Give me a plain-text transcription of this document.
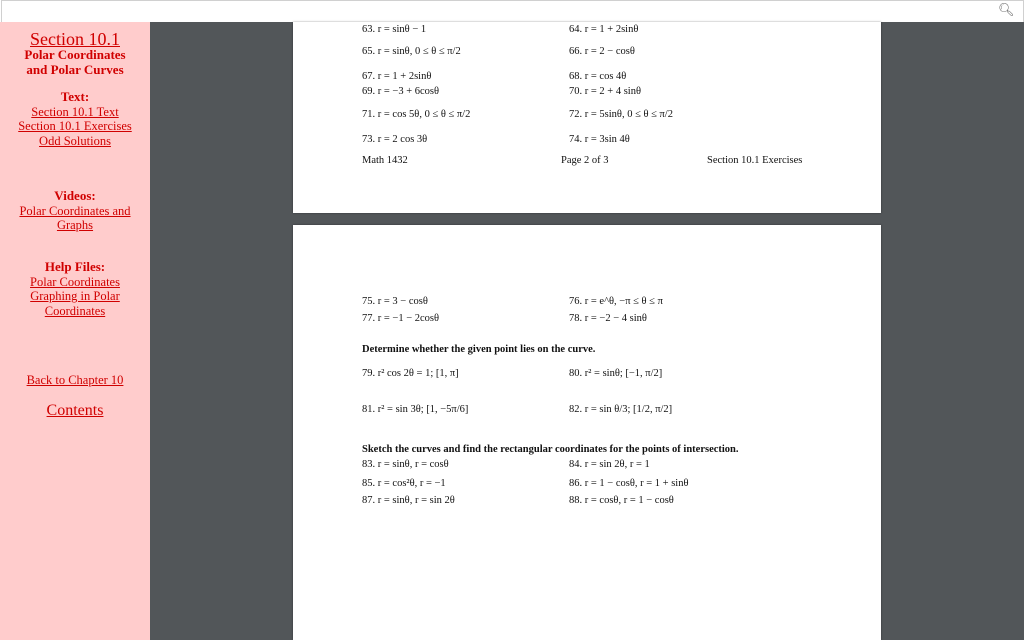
🔍︎
Section 10.1
Polar Coordinates
and Polar Curves
Text:
Section 10.1 Text
Section 10.1 Exercises
Odd Solutions
Videos:
Polar Coordinates and
Graphs
Help Files:
Polar Coordinates
Graphing in Polar
Coordinates
Back to Chapter 10
Contents
63. r = sinθ − 1	64. r = 1 + 2sinθ
65. r = sinθ, 0 ≤ θ ≤ π/2	66. r = 2 − cosθ
67. r = 1 + 2sinθ	68. r = cos 4θ
69. r = −3 + 6cosθ	70. r = 2 + 4 sinθ
71. r = cos 5θ, 0 ≤ θ ≤ π/2	72. r = 5sinθ, 0 ≤ θ ≤ π/2
73. r = 2 cos 3θ	74. r = 3sin 4θ
Math 1432	Page 2 of 3	Section 10.1 Exercises
75. r = 3 − cosθ	76. r = e^θ, −π ≤ θ ≤ π
77. r = −1 − 2cosθ	78. r = −2 − 4 sinθ
Determine whether the given point lies on the curve.
79. r² cos 2θ = 1; [1, π]	80. r² = sinθ; [−1, π/2]
81. r² = sin 3θ; [1, −5π/6]	82. r = sin θ/3; [1/2, π/2]
Sketch the curves and find the rectangular coordinates for the points of intersection.
83. r = sinθ, r = cosθ	84. r = sin 2θ, r = 1
85. r = cos²θ, r = −1	86. r = 1 − cosθ, r = 1 + sinθ
87. r = sinθ, r = sin 2θ	88. r = cosθ, r = 1 − cosθ
